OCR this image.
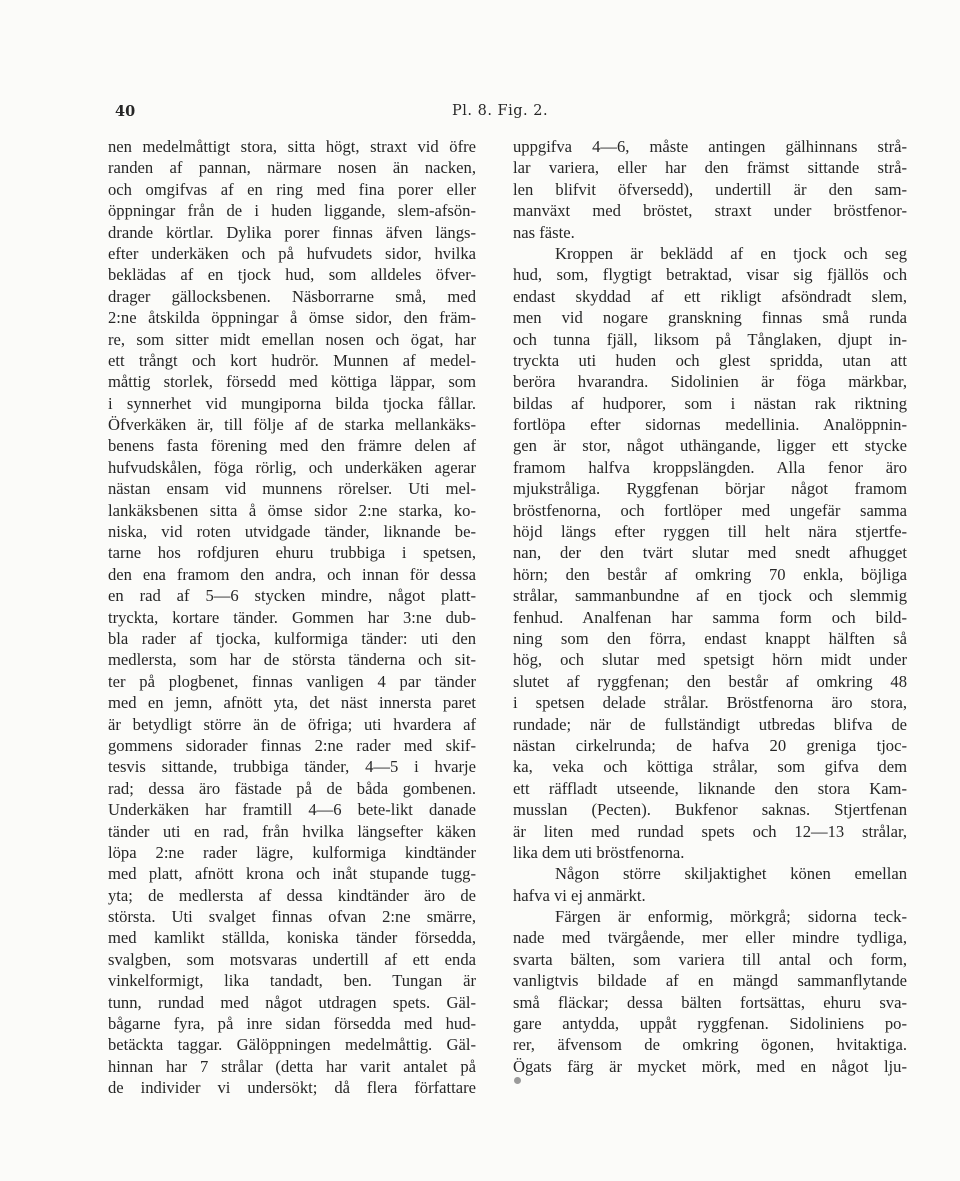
40	Pl. 8. Fig. 2.
nen medelmåttigt stora, sitta högt, straxt vid öfre
randen af pannan, närmare nosen än nacken,
och omgifvas af en ring med fina porer eller
öppningar från de i huden liggande, slem-afsön-
drande körtlar. Dylika porer finnas äfven längs-
efter underkäken och på hufvudets sidor, hvilka
beklädas af en tjock hud, som alldeles öfver-
drager gällocksbenen. Näsborrarne små, med
2:ne åtskilda öppningar å ömse sidor, den främ-
re, som sitter midt emellan nosen och ögat, har
ett trångt och kort hudrör. Munnen af medel-
måttig storlek, försedd med köttiga läppar, som
i synnerhet vid mungiporna bilda tjocka fållar.
Öfverkäken är, till följe af de starka mellankäks-
benens fasta förening med den främre delen af
hufvudskålen, föga rörlig, och underkäken agerar
nästan ensam vid munnens rörelser. Uti mel-
lankäksbenen sitta å ömse sidor 2:ne starka, ko-
niska, vid roten utvidgade tänder, liknande be-
tarne hos rofdjuren ehuru trubbiga i spetsen,
den ena framom den andra, och innan för dessa
en rad af 5—6 stycken mindre, något platt-
tryckta, kortare tänder. Gommen har 3:ne dub-
bla rader af tjocka, kulformiga tänder: uti den
medlersta, som har de största tänderna och sit-
ter på plogbenet, finnas vanligen 4 par tänder
med en jemn, afnött yta, det näst innersta paret
är betydligt större än de öfriga; uti hvardera af
gommens sidorader finnas 2:ne rader med skif-
tesvis sittande, trubbiga tänder, 4—5 i hvarje
rad; dessa äro fästade på de båda gombenen.
Underkäken har framtill 4—6 bete-likt danade
tänder uti en rad, från hvilka längsefter käken
löpa 2:ne rader lägre, kulformiga kindtänder
med platt, afnött krona och inåt stupande tugg-
yta; de medlersta af dessa kindtänder äro de
största. Uti svalget finnas ofvan 2:ne smärre,
med kamlikt ställda, koniska tänder försedda,
svalgben, som motsvaras undertill af ett enda
vinkelformigt, lika tandadt, ben. Tungan är
tunn, rundad med något utdragen spets. Gäl-
bågarne fyra, på inre sidan försedda med hud-
betäckta taggar. Gälöppningen medelmåttig. Gäl-
hinnan har 7 strålar (detta har varit antalet på
de individer vi undersökt; då flera författare
uppgifva 4—6, måste antingen gälhinnans strå-
lar variera, eller har den främst sittande strå-
len blifvit öfversedd), undertill är den sam-
manväxt med bröstet, straxt under bröstfenor-
nas fäste.
Kroppen är beklädd af en tjock och seg
hud, som, flygtigt betraktad, visar sig fjällös och
endast skyddad af ett rikligt afsöndradt slem,
men vid nogare granskning finnas små runda
och tunna fjäll, liksom på Tånglaken, djupt in-
tryckta uti huden och glest spridda, utan att
beröra hvarandra. Sidolinien är föga märkbar,
bildas af hudporer, som i nästan rak riktning
fortlöpa efter sidornas medellinia. Analöppnin-
gen är stor, något uthängande, ligger ett stycke
framom halfva kroppslängden. Alla fenor äro
mjukstråliga. Ryggfenan börjar något framom
bröstfenorna, och fortlöper med ungefär samma
höjd längs efter ryggen till helt nära stjertfe-
nan, der den tvärt slutar med snedt afhugget
hörn; den består af omkring 70 enkla, böjliga
strålar, sammanbundne af en tjock och slemmig
fenhud. Analfenan har samma form och bild-
ning som den förra, endast knappt hälften så
hög, och slutar med spetsigt hörn midt under
slutet af ryggfenan; den består af omkring 48
i spetsen delade strålar. Bröstfenorna äro stora,
rundade; när de fullständigt utbredas blifva de
nästan cirkelrunda; de hafva 20 greniga tjoc-
ka, veka och köttiga strålar, som gifva dem
ett räffladt utseende, liknande den stora Kam-
musslan (Pecten). Bukfenor saknas. Stjertfenan
är liten med rundad spets och 12—13 strålar,
lika dem uti bröstfenorna.
Någon större skiljaktighet könen emellan
hafva vi ej anmärkt.
Färgen är enformig, mörkgrå; sidorna teck-
nade med tvärgående, mer eller mindre tydliga,
svarta bälten, som variera till antal och form,
vanligtvis bildade af en mängd sammanflytande
små fläckar; dessa bälten fortsättas, ehuru sva-
gare antydda, uppåt ryggfenan. Sidoliniens po-
rer, äfvensom de omkring ögonen, hvitaktiga.
Ögats färg är mycket mörk, med en något lju-
